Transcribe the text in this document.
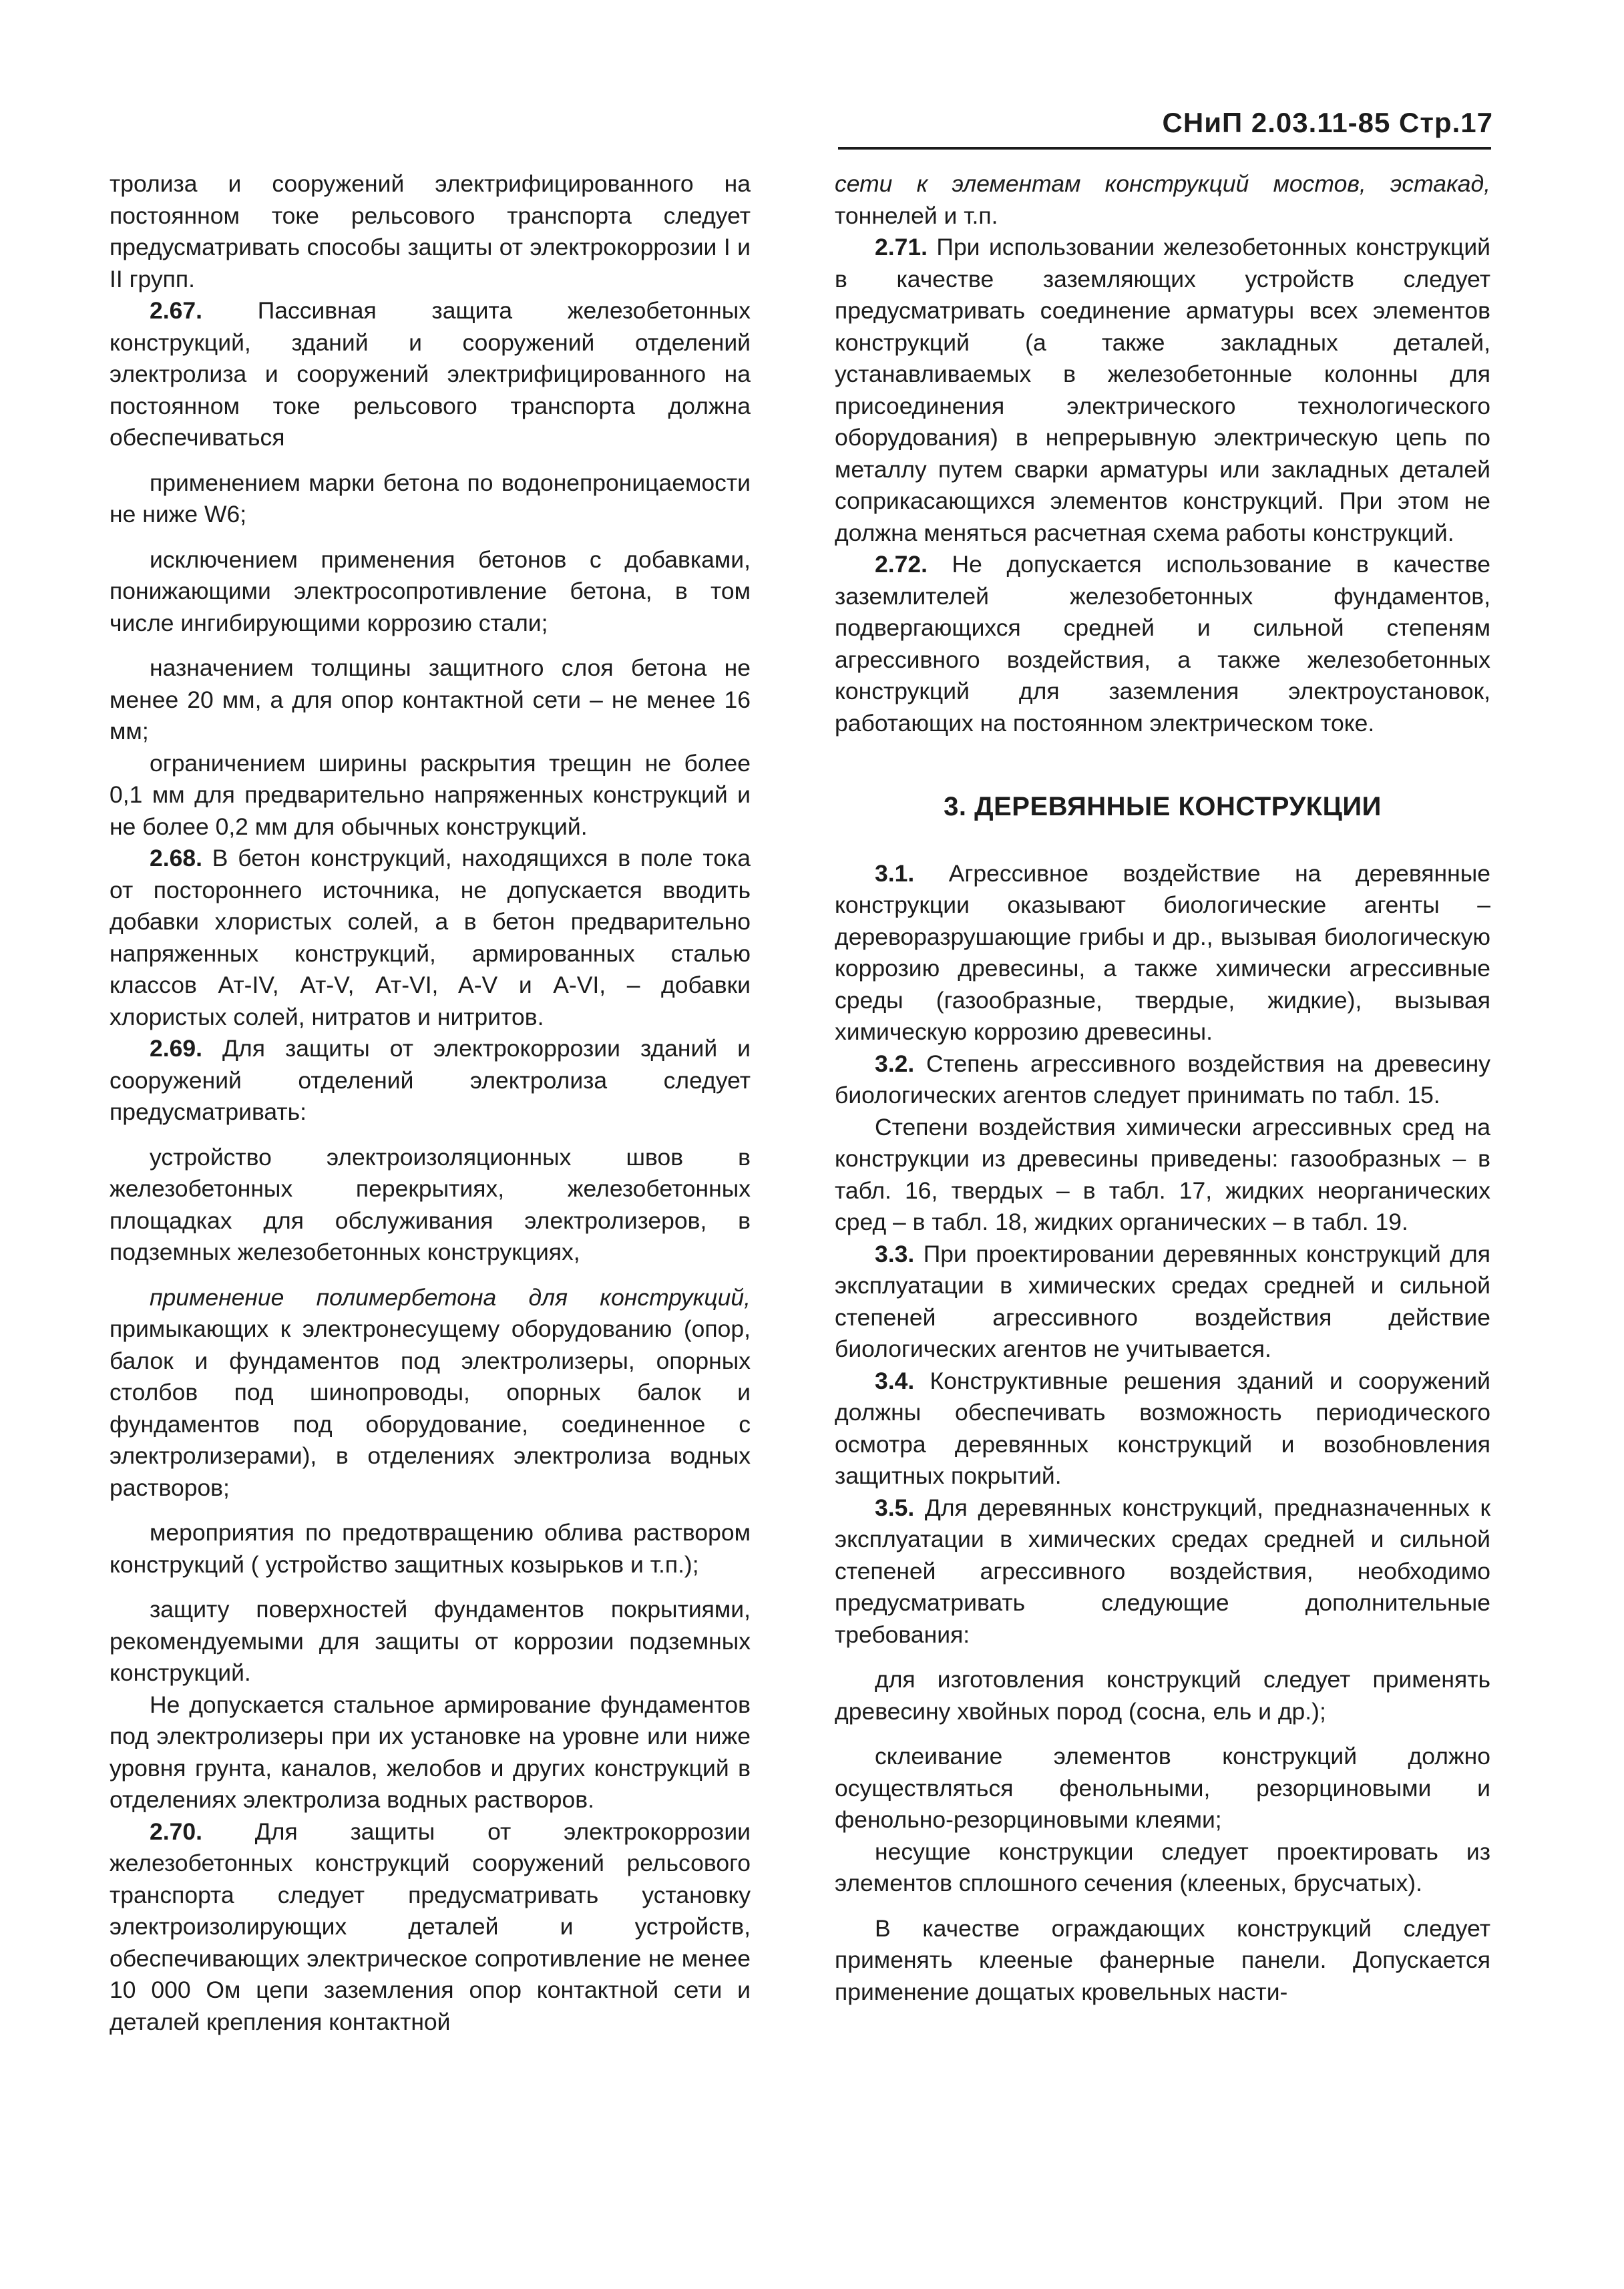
СНиП 2.03.11-85 Стр.17

тролиза и сооружений электрифицированного на постоянном токе рельсового транспорта следует предусматривать способы защиты от электрокоррозии I и II групп.

2.67. Пассивная защита железобетонных конструкций, зданий и сооружений отделений электролиза и сооружений электрифицированного на постоянном токе рельсового транспорта должна обеспечиваться

применением марки бетона по водонепроницаемости не ниже W6;

исключением применения бетонов с добавками, понижающими электросопротивление бетона, в том числе ингибирующими коррозию стали;

назначением толщины защитного слоя бетона не менее 20 мм, а для опор контактной сети – не менее 16 мм;

ограничением ширины раскрытия трещин не более 0,1 мм для предварительно напряженных конструкций и не более 0,2 мм для обычных конструкций.

2.68. В бетон конструкций, находящихся в поле тока от постороннего источника, не допускается вводить добавки хлористых солей, а в бетон предварительно напряженных конструкций, армированных сталью классов Ат-IV, Ат-V, Ат-VI, A-V и A-VI, – добавки хлористых солей, нитратов и нитритов.

2.69. Для защиты от электрокоррозии зданий и сооружений отделений электролиза следует предусматривать:

устройство электроизоляционных швов в железобетонных перекрытиях, железобетонных площадках для обслуживания электролизеров, в подземных железобетонных конструкциях,

применение полимербетона для конструкций, примыкающих к электронесущему оборудованию (опор, балок и фундаментов под электролизеры, опорных столбов под шинопроводы, опорных балок и фундаментов под оборудование, соединенное с электролизерами), в отделениях электролиза водных растворов;

мероприятия по предотвращению облива раствором конструкций ( устройство защитных козырьков и т.п.);

защиту поверхностей фундаментов покрытиями, рекомендуемыми для защиты от коррозии подземных конструкций.

Не допускается стальное армирование фундаментов под электролизеры при их установке на уровне или ниже уровня грунта, каналов, желобов и других конструкций в отделениях электролиза водных растворов.

2.70. Для защиты от электрокоррозии железобетонных конструкций сооружений рельсового транспорта следует предусматривать установку электроизолирующих деталей и устройств, обеспечивающих электрическое сопротивление не менее 10 000 Ом цепи заземления опор контактной сети и деталей крепления контактной

сети к элементам конструкций мостов, эстакад, тоннелей и т.п.

2.71. При использовании железобетонных конструкций в качестве заземляющих устройств следует предусматривать соединение арматуры всех элементов конструкций (а также закладных деталей, устанавливаемых в железобетонные колонны для присоединения электрического технологического оборудования) в непрерывную электрическую цепь по металлу путем сварки арматуры или закладных деталей соприкасающихся элементов конструкций. При этом не должна меняться расчетная схема работы конструкций.

2.72. Не допускается использование в качестве заземлителей железобетонных фундаментов, подвергающихся средней и сильной степеням агрессивного воздействия, а также железобетонных конструкций для заземления электроустановок, работающих на постоянном электрическом токе.

3. ДЕРЕВЯННЫЕ КОНСТРУКЦИИ

3.1. Агрессивное воздействие на деревянные конструкции оказывают биологические агенты – дереворазрушающие грибы и др., вызывая биологическую коррозию древесины, а также химически агрессивные среды (газообразные, твердые, жидкие), вызывая химическую коррозию древесины.

3.2. Степень агрессивного воздействия на древесину биологических агентов следует принимать по табл. 15.

Степени воздействия химически агрессивных сред на конструкции из древесины приведены: газообразных – в табл. 16, твердых – в табл. 17, жидких неорганических сред – в табл. 18, жидких органических – в табл. 19.

3.3. При проектировании деревянных конструкций для эксплуатации в химических средах средней и сильной степеней агрессивного воздействия действие биологических агентов не учитывается.

3.4. Конструктивные решения зданий и сооружений должны обеспечивать возможность периодического осмотра деревянных конструкций и возобновления защитных покрытий.

3.5. Для деревянных конструкций, предназначенных к эксплуатации в химических средах средней и сильной степеней агрессивного воздействия, необходимо предусматривать следующие дополнительные требования:

для изготовления конструкций следует применять древесину хвойных пород (сосна, ель и др.);

склеивание элементов конструкций должно осуществляться фенольными, резорциновыми и фенольно-резорциновыми клеями;

несущие конструкции следует проектировать из элементов сплошного сечения (клееных, брусчатых).

В качестве ограждающих конструкций следует применять клееные фанерные панели. Допускается применение дощатых кровельных насти-
